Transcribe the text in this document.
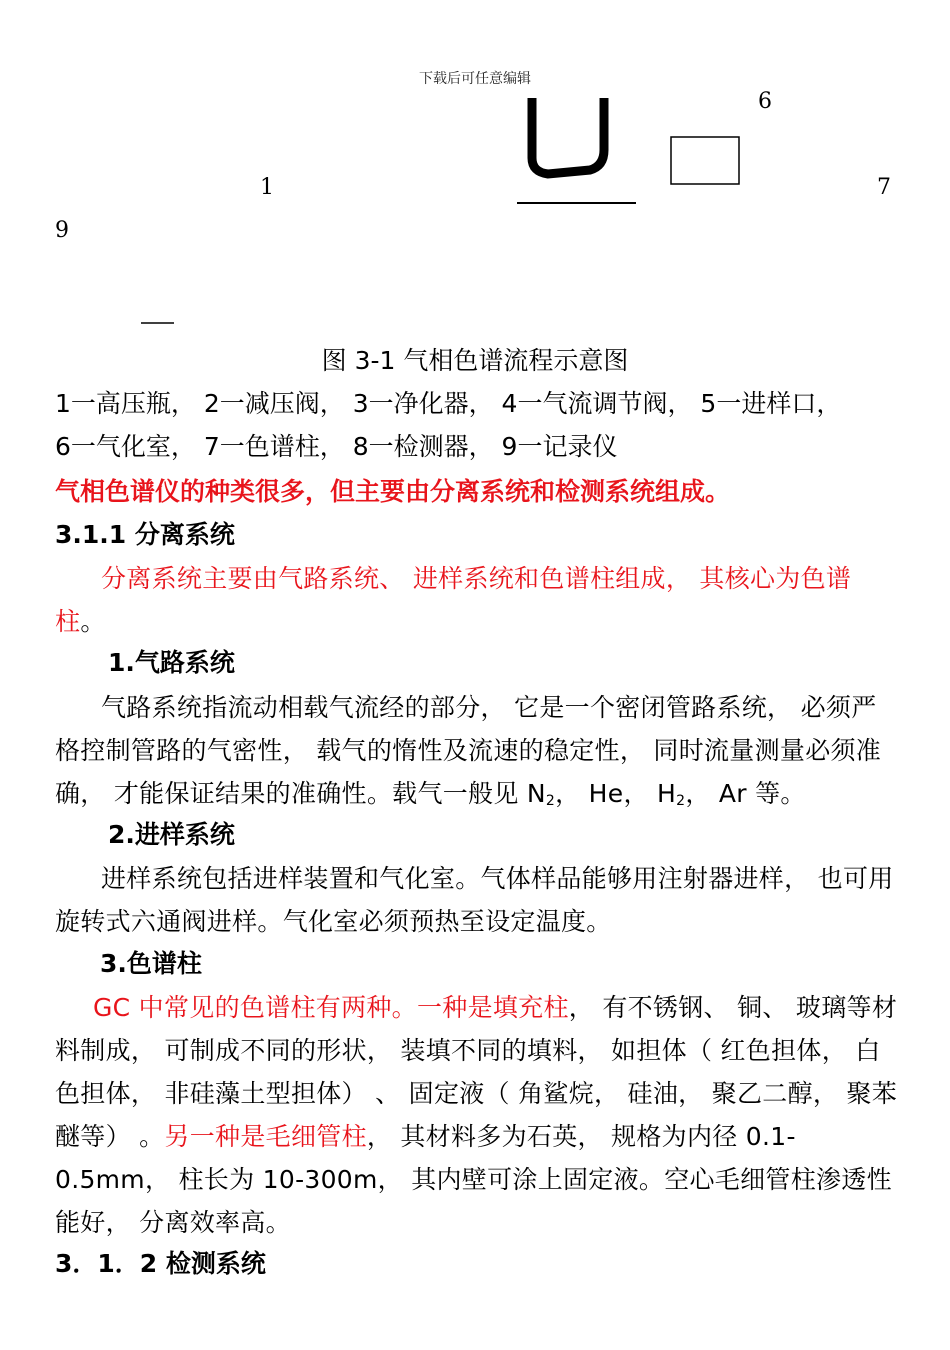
下载后可任意编辑
6
1	7
9
图 3-1 气相色谱流程示意图
1一高压瓶， 2一减压阀， 3一净化器， 4一气流调节阀， 5一进样口，
6一气化室， 7一色谱柱， 8一检测器， 9一记录仪
气相色谱仪的种类很多，但主要由分离系统和检测系统组成。
3.1.1 分离系统

分离系统主要由气路系统、 进样系统和色谱柱组成， 其核心为色谱柱。

1.气路系统

气路系统指流动相载气流经的部分， 它是一个密闭管路系统， 必须严格控制管路的气密性， 载气的惰性及流速的稳定性， 同时流量测量必须准确， 才能保证结果的准确性。载气一般见 $N_2$， He， $H_2$， Ar 等。

2.进样系统

进样系统包括进样装置和气化室。气体样品能够用注射器进样， 也可用旋转式六通阀进样。气化室必须预热至设定温度。

3.色谱柱

GC 中常见的色谱柱有两种。一种是填充柱， 有不锈钢、 铜、 玻璃等材料制成， 可制成不同的形状， 装填不同的填料， 如担体（ 红色担体， 白色担体， 非硅藻土型担体） 、 固定液（ 角鲨烷， 硅油， 聚乙二醇， 聚苯醚等） 。另一种是毛细管柱， 其材料多为石英， 规格为内径 0.1-0.5mm， 柱长为 10-300m， 其内壁可涂上固定液。空心毛细管柱渗透性能好， 分离效率高。

3．1．2 检测系统
